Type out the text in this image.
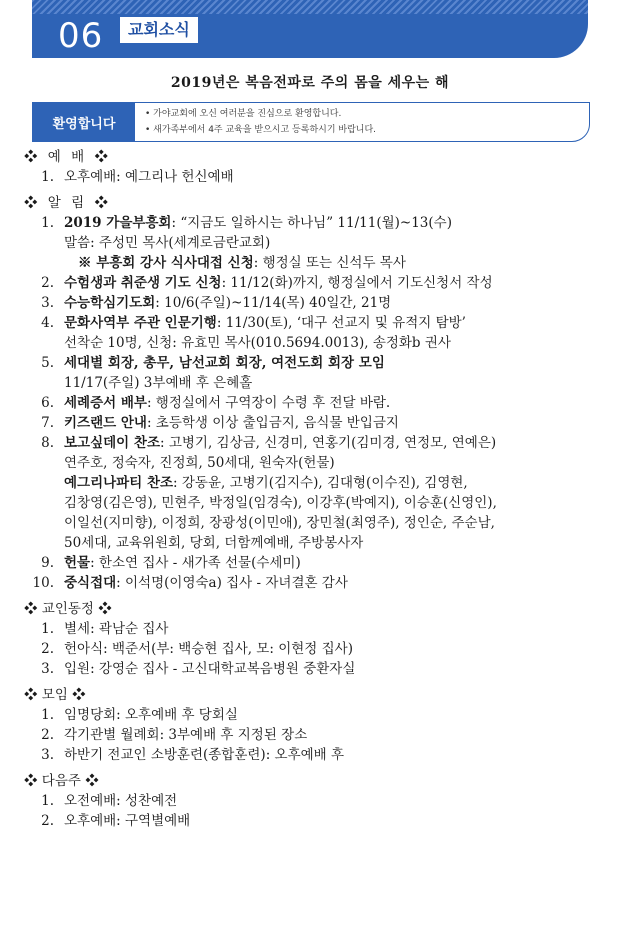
06	교회소식
2019년은 복음전파로 주의 몸을 세우는 해
환영합니다
• 가야교회에 오신 여러분을 진심으로 환영합니다.
• 새가족부에서 4주 교육을 받으시고 등록하시기 바랍니다.
❖ 예 배 ❖
1. 오후예배: 예그리나 헌신예배
❖ 알 림 ❖
1. 2019 가을부흥회: “지금도 일하시는 하나님” 11/11(월)~13(수)
말씀: 주성민 목사(세계로금란교회)
※ 부흥회 강사 식사대접 신청: 행정실 또는 신석두 목사
2. 수험생과 취준생 기도 신청: 11/12(화)까지, 행정실에서 기도신청서 작성
3. 수능학심기도회: 10/6(주일)~11/14(목) 40일간, 21명
4. 문화사역부 주관 인문기행: 11/30(토), ‘대구 선교지 및 유적지 탐방’
선착순 10명, 신청: 유효민 목사(010.5694.0013), 송정화b 권사
5. 세대별 회장, 총무, 남선교회 회장, 여전도회 회장 모임
11/17(주일) 3부예배 후 은혜홀
6. 세례증서 배부: 행정실에서 구역장이 수령 후 전달 바람.
7. 키즈랜드 안내: 초등학생 이상 출입금지, 음식물 반입금지
8. 보고싶데이 찬조: 고병기, 김상금, 신경미, 연홍기(김미경, 연정모, 연예은)
연주호, 정숙자, 진정희, 50세대, 원숙자(헌물)
예그리나파티 찬조: 강동윤, 고병기(김지수), 김대형(이수진), 김영현,
김창영(김은영), 민현주, 박정일(임경숙), 이강후(박예지), 이승훈(신영인),
이일선(지미향), 이정희, 장광성(이민애), 장민철(최영주), 정인순, 주순남,
50세대, 교육위원회, 당회, 더함께예배, 주방봉사자
9. 헌물: 한소연 집사 - 새가족 선물(수세미)
10. 중식접대: 이석명(이영숙a) 집사 - 자녀결혼 감사
❖ 교인동정 ❖
1. 별세: 곽남순 집사
2. 헌아식: 백준서(부: 백승현 집사, 모: 이현정 집사)
3. 입원: 강영순 집사 - 고신대학교복음병원 중환자실
❖ 모임 ❖
1. 임명당회: 오후예배 후 당회실
2. 각기관별 월례회: 3부예배 후 지정된 장소
3. 하반기 전교인 소방훈련(종합훈련): 오후예배 후
❖ 다음주 ❖
1. 오전예배: 성찬예전
2. 오후예배: 구역별예배
